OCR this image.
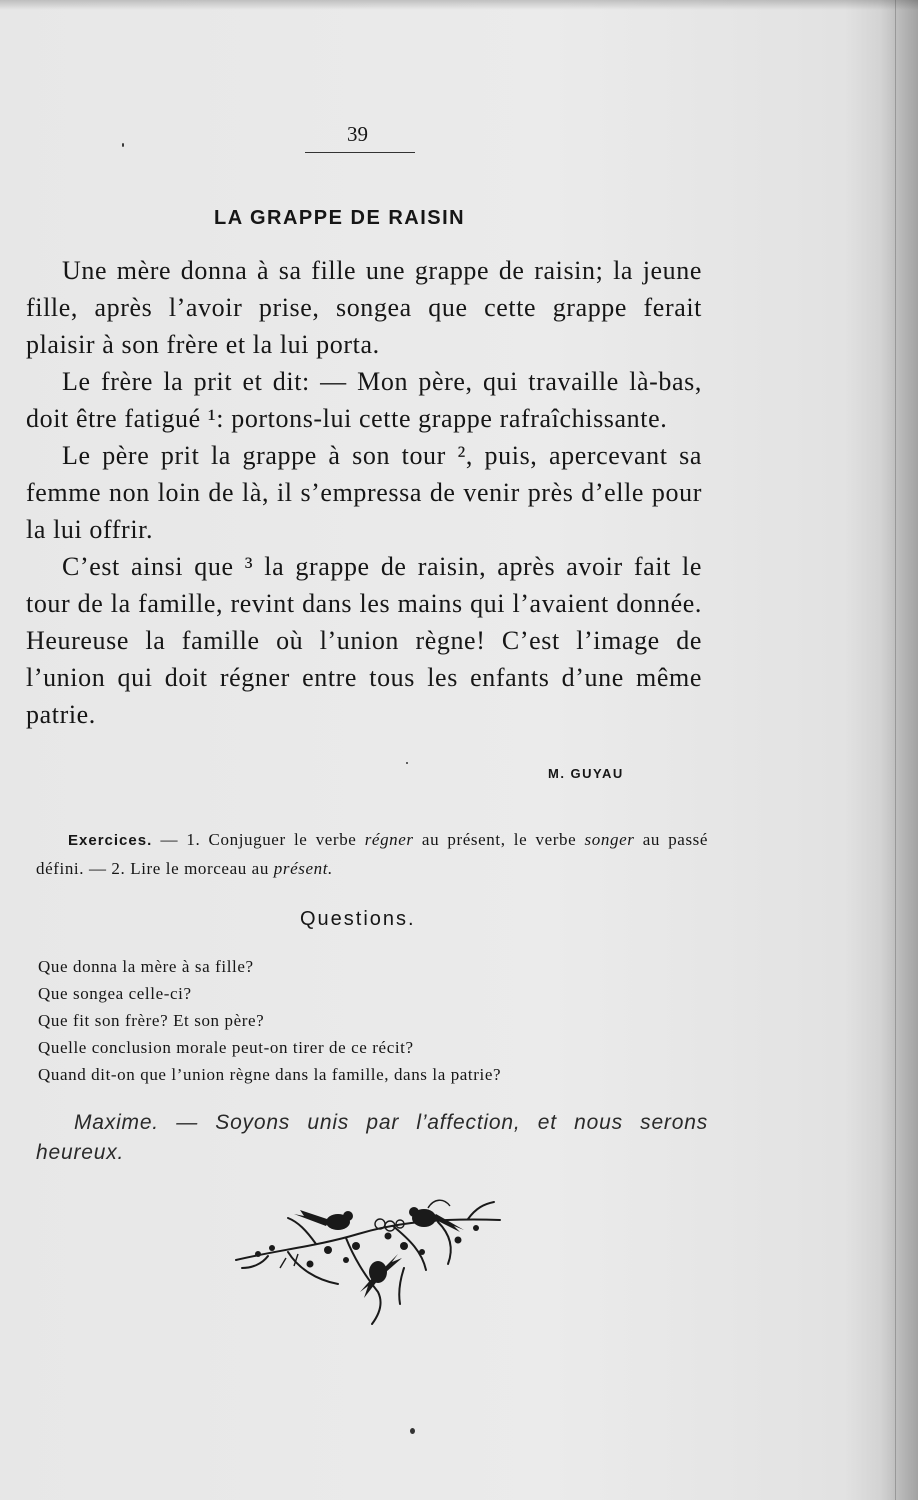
39
LA GRAPPE DE RAISIN

Une mère donna à sa fille une grappe de raisin; la jeune fille, après l’avoir prise, songea que cette grappe ferait plaisir à son frère et la lui porta.

Le frère la prit et dit: — Mon père, qui travaille là-bas, doit être fatigué ¹: portons-lui cette grappe rafraîchissante.

Le père prit la grappe à son tour ², puis, apercevant sa femme non loin de là, il s’empressa de venir près d’elle pour la lui offrir.

C’est ainsi que ³ la grappe de raisin, après avoir fait le tour de la famille, revint dans les mains qui l’avaient donnée. Heureuse la famille où l’union règne! C’est l’image de l’union qui doit régner entre tous les enfants d’une même patrie.

M. GUYAU
Exercices. — 1. Conjuguer le verbe régner au présent, le verbe songer au passé défini. — 2. Lire le morceau au présent.
Questions.
Que donna la mère à sa fille?
Que songea celle-ci?
Que fit son frère? Et son père?
Quelle conclusion morale peut-on tirer de ce récit?
Quand dit-on que l’union règne dans la famille, dans la patrie?
Maxime. — Soyons unis par l’affection, et nous serons heureux.
